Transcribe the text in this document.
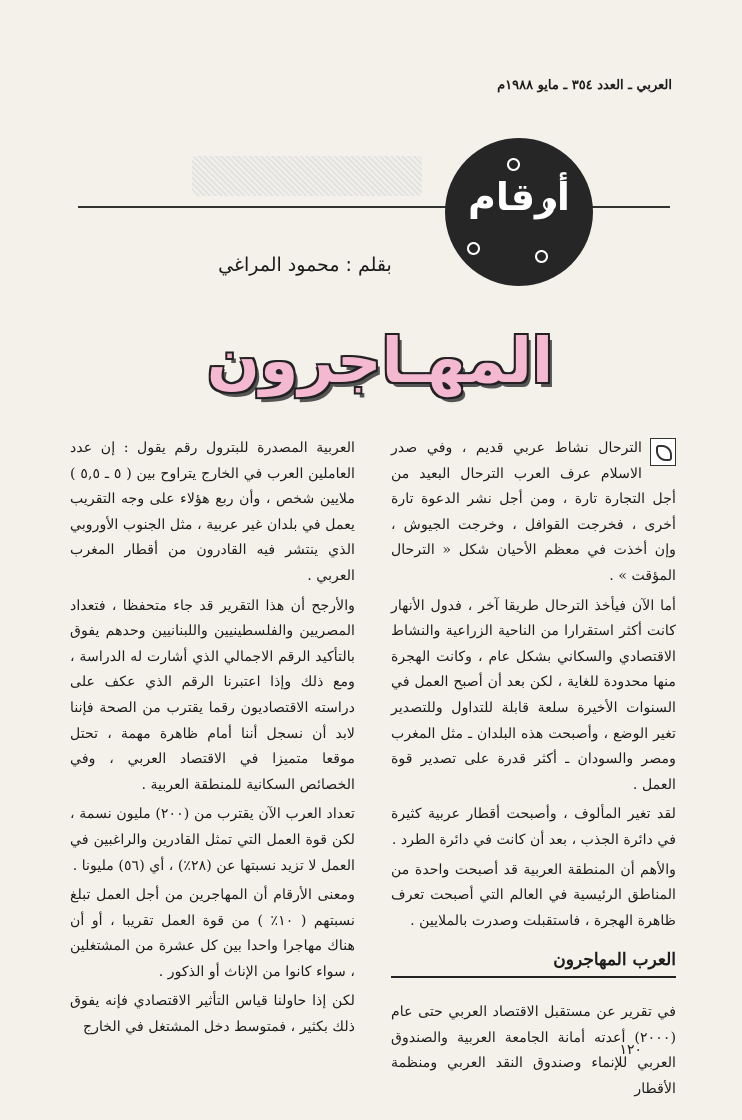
العربي ـ العدد ٣٥٤ ـ مايو ١٩٨٨م
أرقام
بقلم : محمود المراغي
المهـاجرون

الترحال نشاط عربي قديم ، وفي صدر الاسلام عرف العرب الترحال البعيد من أجل التجارة تارة ، ومن أجل نشر الدعوة تارة أخرى ، فخرجت القوافل ، وخرجت الجيوش ، وإن أخذت في معظم الأحيان شكل « الترحال المؤقت » .

أما الآن فيأخذ الترحال طريقا آخر ، فدول الأنهار كانت أكثر استقرارا من الناحية الزراعية والنشاط الاقتصادي والسكاني بشكل عام ، وكانت الهجرة منها محدودة للغاية ، لكن بعد أن أصبح العمل في السنوات الأخيرة سلعة قابلة للتداول وللتصدير تغير الوضع ، وأصبحت هذه البلدان ـ مثل المغرب ومصر والسودان ـ أكثر قدرة على تصدير قوة العمل .

لقد تغير المألوف ، وأصبحت أقطار عربية كثيرة في دائرة الجذب ، بعد أن كانت في دائرة الطرد .

والأهم أن المنطقة العربية قد أصبحت واحدة من المناطق الرئيسية في العالم التي أصبحت تعرف ظاهرة الهجرة ، فاستقبلت وصدرت بالملايين .

العرب المهاجرون

في تقرير عن مستقبل الاقتصاد العربي حتى عام (٢٠٠٠) أعدته أمانة الجامعة العربية والصندوق العربي للإنماء وصندوق النقد العربي ومنظمة الأقطار

العربية المصدرة للبترول رقم يقول : إن عدد العاملين العرب في الخارج يتراوح بين ( ٥ ـ ٥,٥ ) ملايين شخص ، وأن ربع هؤلاء على وجه التقريب يعمل في بلدان غير عربية ، مثل الجنوب الأوروبي الذي ينتشر فيه القادرون من أقطار المغرب العربي .

والأرجح أن هذا التقرير قد جاء متحفظا ، فتعداد المصريين والفلسطينيين واللبنانيين وحدهم يفوق بالتأكيد الرقم الاجمالي الذي أشارت له الدراسة ، ومع ذلك وإذا اعتبرنا الرقم الذي عكف على دراسته الاقتصاديون رقما يقترب من الصحة فإننا لابد أن نسجل أننا أمام ظاهرة مهمة ، تحتل موقعا متميزا في الاقتصاد العربي ، وفي الخصائص السكانية للمنطقة العربية .

تعداد العرب الآن يقترب من (٢٠٠) مليون نسمة ، لكن قوة العمل التي تمثل القادرين والراغبين في العمل لا تزيد نسبتها عن (٢٨٪) ، أي (٥٦) مليونا .

ومعنى الأرقام أن المهاجرين من أجل العمل تبلغ نسبتهم ( ١٠٪ ) من قوة العمل تقريبا ، أو أن هناك مهاجرا واحدا بين كل عشرة من المشتغلين ، سواء كانوا من الإناث أو الذكور .

لكن إذا حاولنا قياس التأثير الاقتصادي فإنه يفوق ذلك بكثير ، فمتوسط دخل المشتغل في الخارج

١٢٠
